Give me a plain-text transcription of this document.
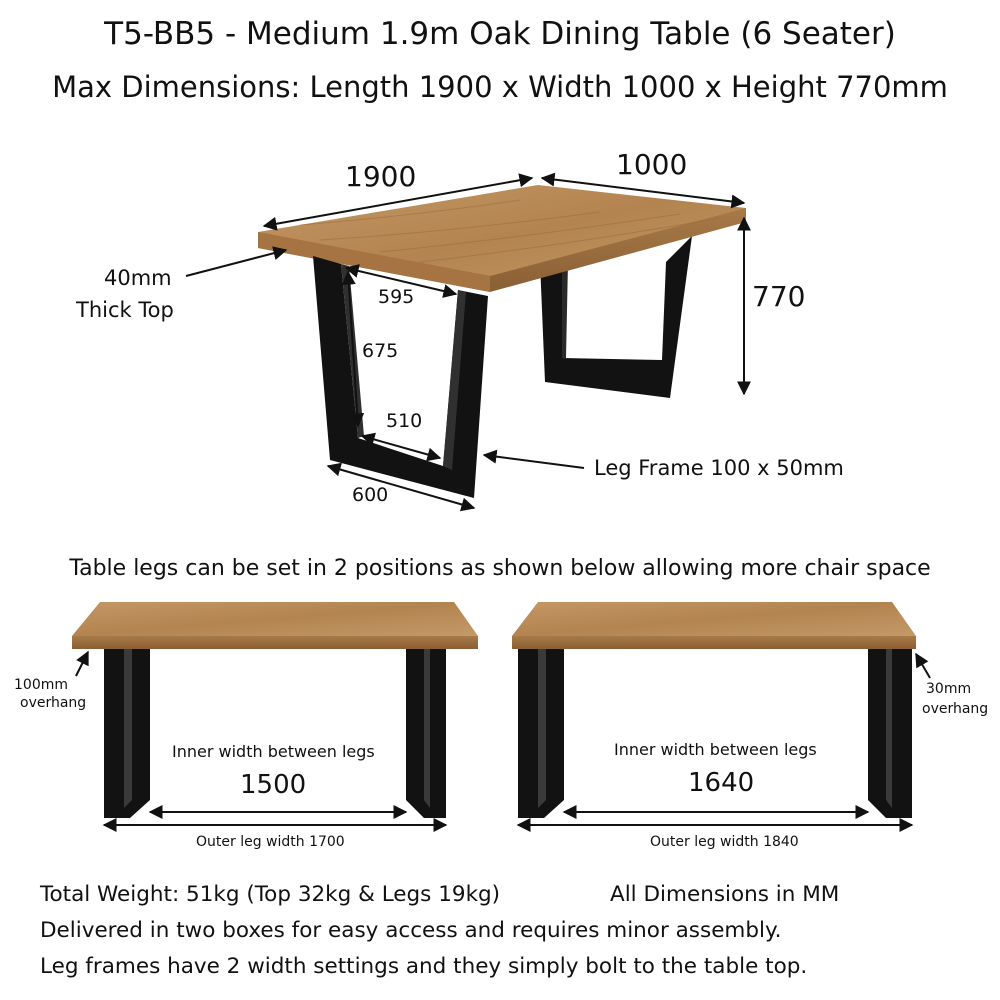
T5-BB5 - Medium 1.9m Oak Dining Table (6 Seater)
Max Dimensions: Length 1900 x Width 1000 x Height 770mm
1900	1000
770
40mm
Thick Top
595
675
510
600
Leg Frame 100 x 50mm
Table legs can be set in 2 positions as shown below allowing more chair space
100mm
overhang
Inner width between legs
1500
Outer leg width 1700
30mm
overhang
Inner width between legs
1640
Outer leg width 1840
Total Weight: 51kg (Top 32kg & Legs 19kg)	All Dimensions in MM
Delivered in two boxes for easy access and requires minor assembly.
Leg frames have 2 width settings and they simply bolt to the table top.
